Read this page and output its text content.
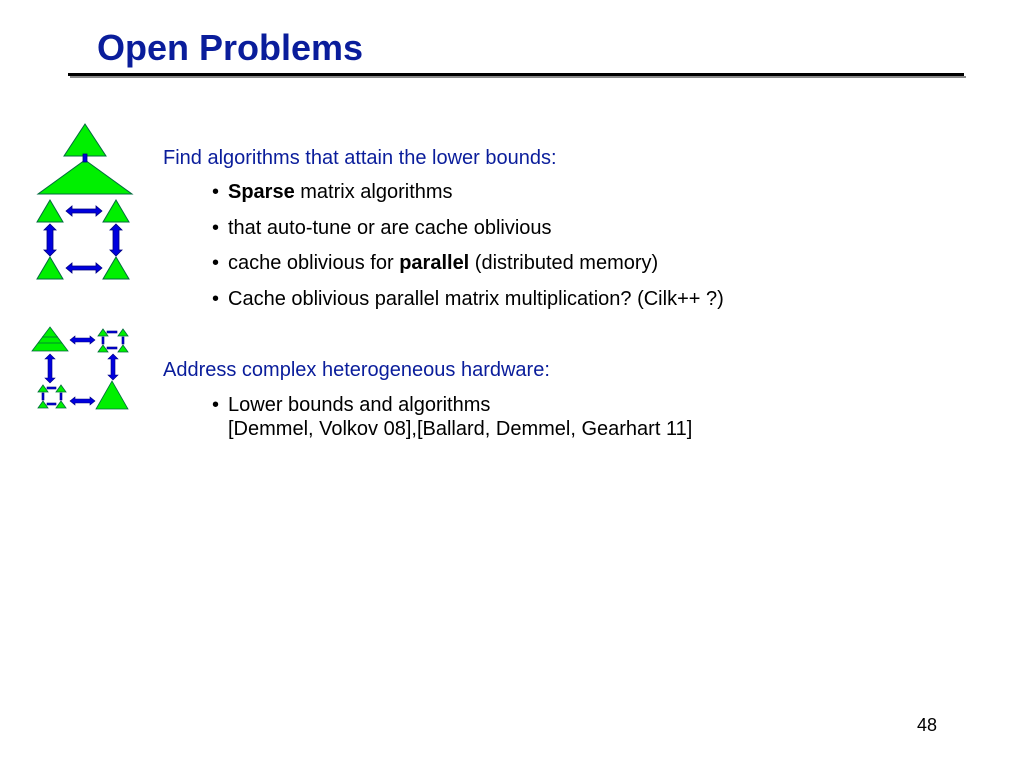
Open Problems

Find algorithms that attain the lower bounds:

• Sparse matrix algorithms
• that auto-tune or are cache oblivious
• cache oblivious for parallel (distributed memory)
• Cache oblivious parallel matrix multiplication? (Cilk++ ?)

Address complex heterogeneous hardware:

• Lower bounds and algorithms
[Demmel, Volkov 08],[Ballard, Demmel, Gearhart 11]
48
